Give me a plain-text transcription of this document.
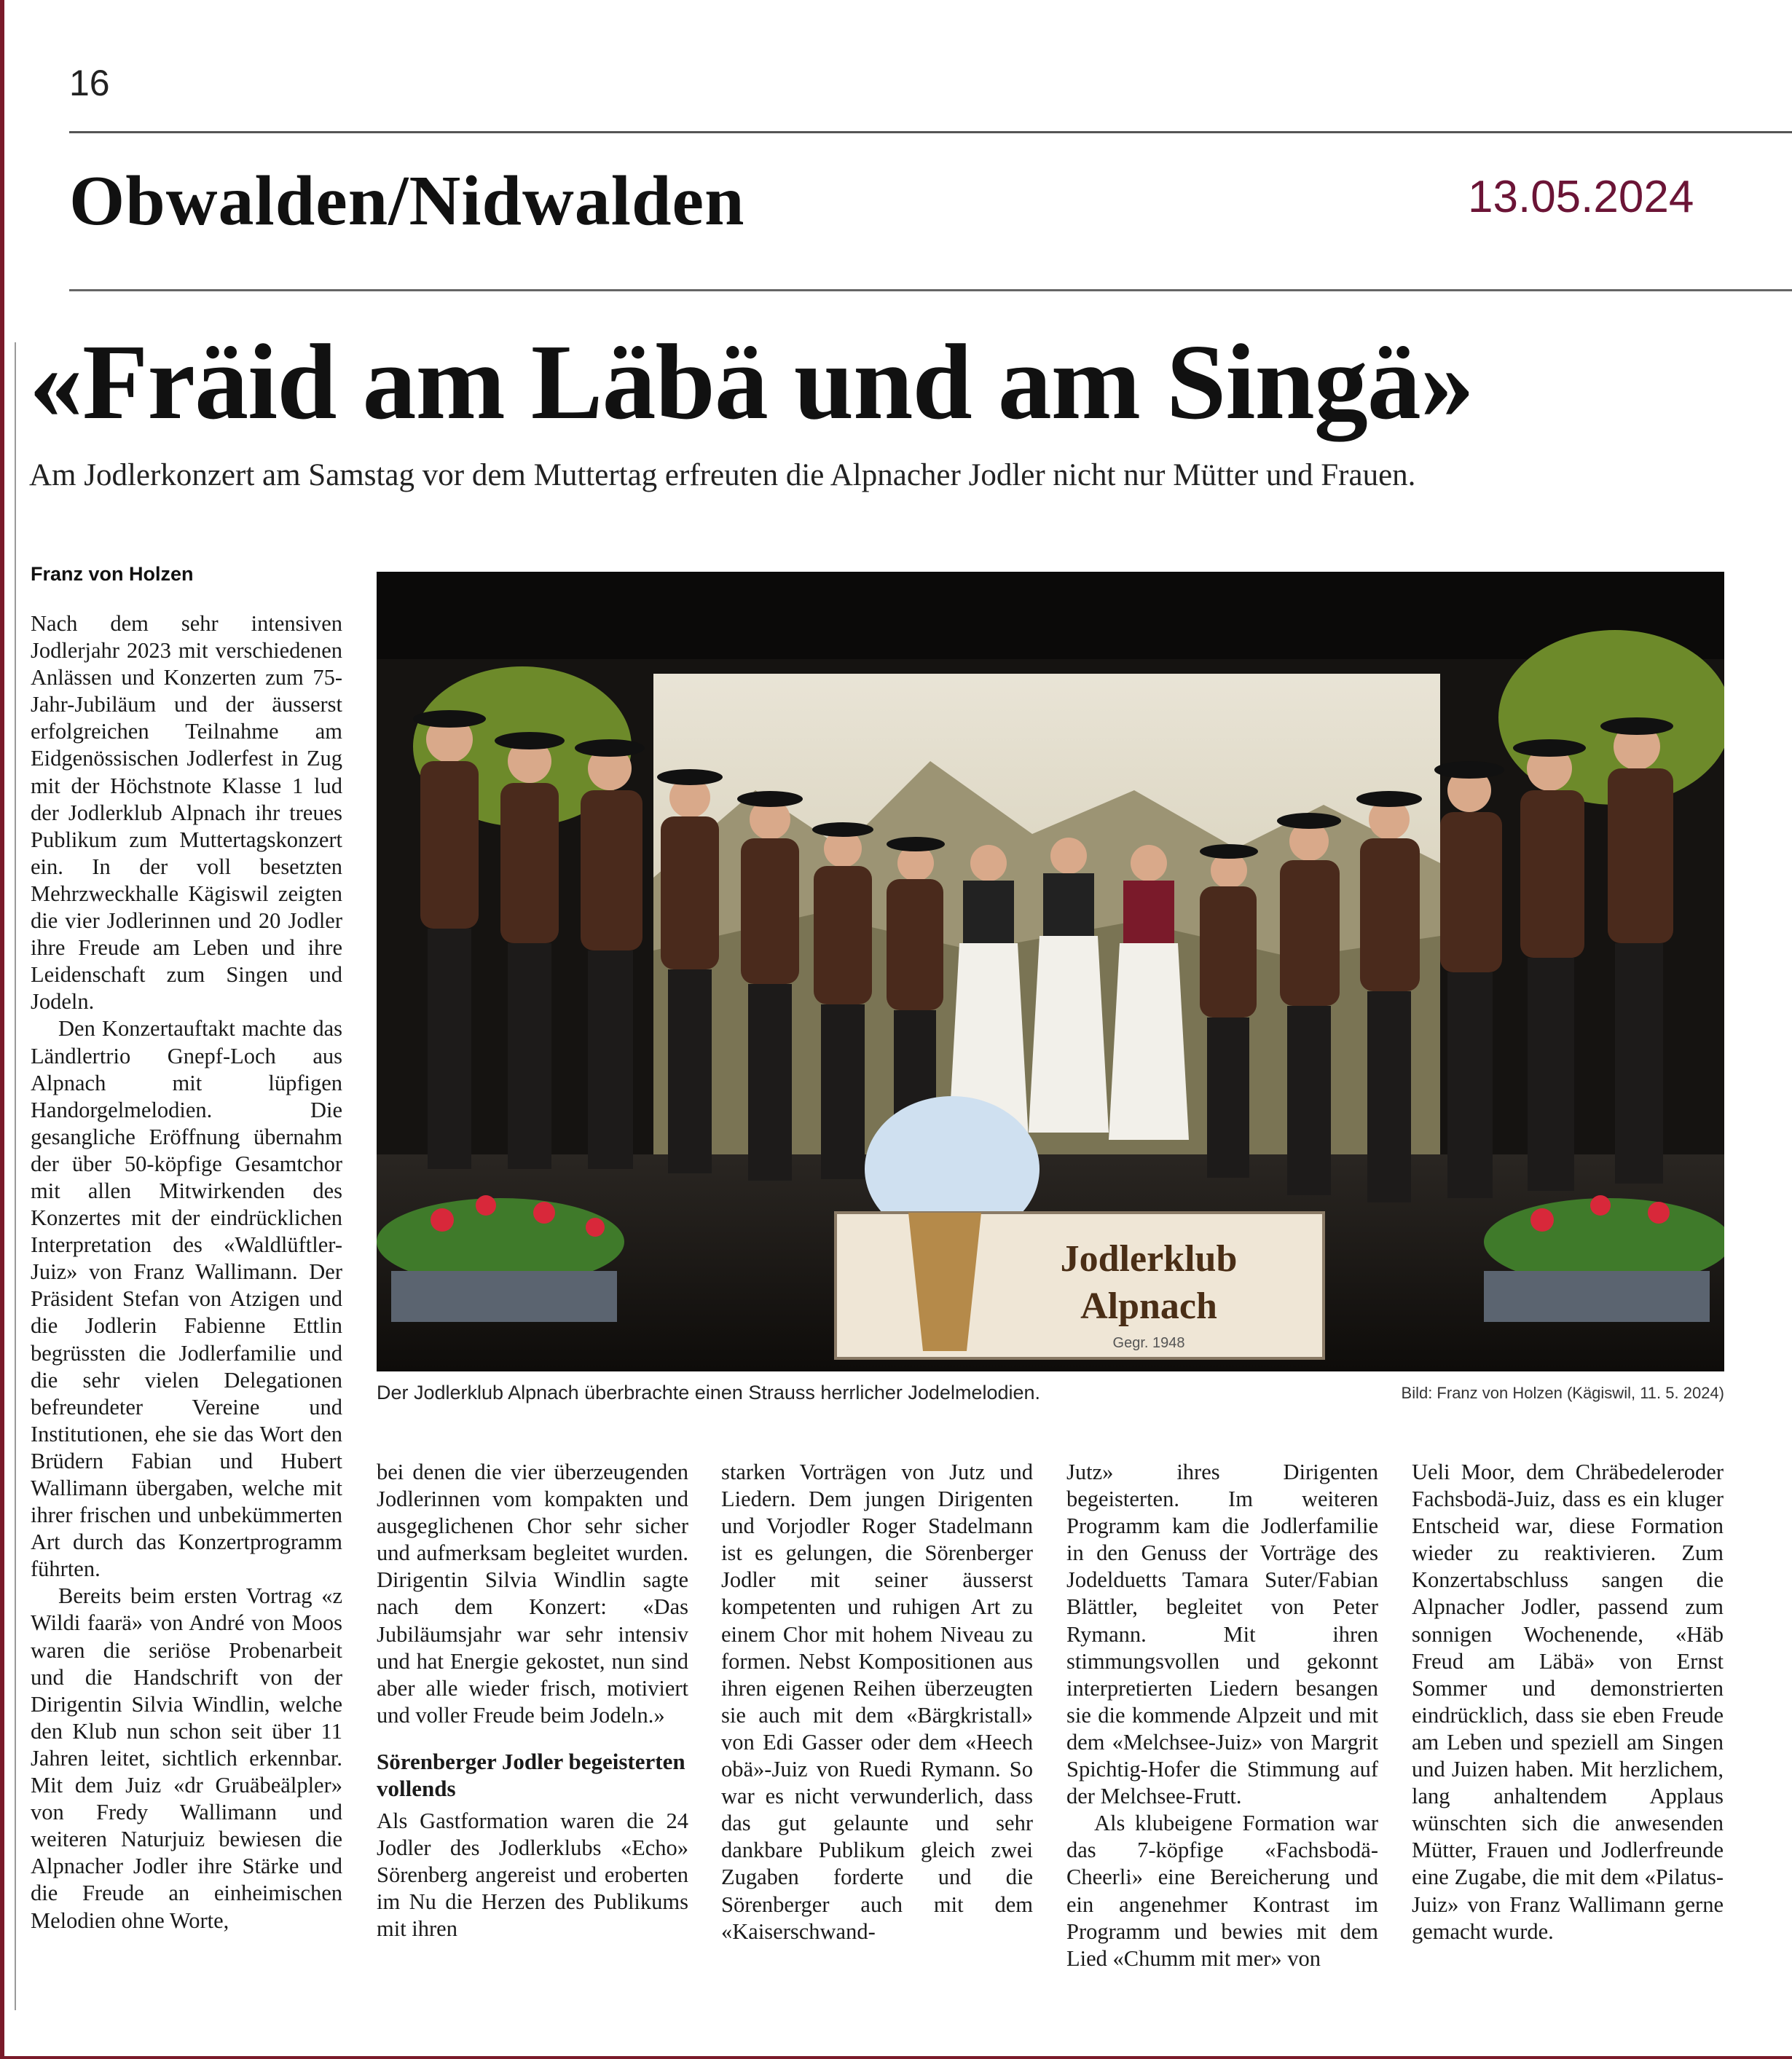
16
Obwalden/Nidwalden	13.05.2024
«Fräid am Läbä und am Singä»
Am Jodlerkonzert am Samstag vor dem Muttertag erfreuten die Alpnacher Jodler nicht nur Mütter und Frauen.
Franz von Holzen

Nach dem sehr intensiven Jodlerjahr 2023 mit verschiedenen Anlässen und Konzerten zum 75-Jahr-Jubiläum und der äusserst erfolgreichen Teilnahme am Eidgenössischen Jodlerfest in Zug mit der Höchstnote Klasse 1 lud der Jodlerklub Alpnach ihr treues Publikum zum Muttertagskonzert ein. In der voll besetzten Mehrzweckhalle Kägiswil zeigten die vier Jodlerinnen und 20 Jodler ihre Freude am Leben und ihre Leidenschaft zum Singen und Jodeln.

Den Konzertauftakt machte das Ländlertrio Gnepf-Loch aus Alpnach mit lüpfigen Handorgelmelodien. Die gesangliche Eröffnung übernahm der über 50-köpfige Gesamtchor mit allen Mitwirkenden des Konzertes mit der eindrücklichen Interpretation des «Waldlüftler-Juiz» von Franz Wallimann. Der Präsident Stefan von Atzigen und die Jodlerin Fabienne Ettlin begrüssten die Jodlerfamilie und die sehr vielen Delegationen befreundeter Vereine und Institutionen, ehe sie das Wort den Brüdern Fabian und Hubert Wallimann übergaben, welche mit ihrer frischen und unbekümmerten Art durch das Konzertprogramm führten.

Bereits beim ersten Vortrag «z Wildi faarä» von André von Moos waren die seriöse Probenarbeit und die Handschrift von der Dirigentin Silvia Windlin, welche den Klub nun schon seit über 11 Jahren leitet, sichtlich erkennbar. Mit dem Juiz «dr Gruäbeälpler» von Fredy Wallimann und weiteren Naturjuiz bewiesen die Alpnacher Jodler ihre Stärke und die Freude an einheimischen Melodien ohne Worte,

Jodlerklub
Alpnach
Gegr. 1948
Der Jodlerklub Alpnach überbrachte einen Strauss herrlicher Jodelmelodien.	Bild: Franz von Holzen (Kägiswil, 11. 5. 2024)

bei denen die vier überzeugenden Jodlerinnen vom kompakten und ausgeglichenen Chor sehr sicher und aufmerksam begleitet wurden. Dirigentin Silvia Windlin sagte nach dem Konzert: «Das Jubiläumsjahr war sehr intensiv und hat Energie gekostet, nun sind aber alle wieder frisch, motiviert und voller Freude beim Jodeln.»

Sörenberger Jodler begeisterten vollends

Als Gastformation waren die 24 Jodler des Jodlerklubs «Echo» Sörenberg angereist und eroberten im Nu die Herzen des Publikums mit ihren

starken Vorträgen von Jutz und Liedern. Dem jungen Dirigenten und Vorjodler Roger Stadelmann ist es gelungen, die Sörenberger Jodler mit seiner äusserst kompetenten und ruhigen Art zu einem Chor mit hohem Niveau zu formen. Nebst Kompositionen aus ihren eigenen Reihen überzeugten sie auch mit dem «Bärgkristall» von Edi Gasser oder dem «Heech obä»-Juiz von Ruedi Rymann. So war es nicht verwunderlich, dass das gut gelaunte und sehr dankbare Publikum gleich zwei Zugaben forderte und die Sörenberger auch mit dem «Kaiserschwand-

Jutz» ihres Dirigenten begeisterten. Im weiteren Programm kam die Jodlerfamilie in den Genuss der Vorträge des Jodelduetts Tamara Suter/Fabian Blättler, begleitet von Peter Rymann. Mit ihren stimmungsvollen und gekonnt interpretierten Liedern besangen sie die kommende Alpzeit und mit dem «Melchsee-Juiz» von Margrit Spichtig-Hofer die Stimmung auf der Melchsee-Frutt.

Als klubeigene Formation war das 7-köpfige «Fachsbodä-Cheerli» eine Bereicherung und ein angenehmer Kontrast im Programm und bewies mit dem Lied «Chumm mit mer» von

Ueli Moor, dem Chräbedeleroder Fachsbodä-Juiz, dass es ein kluger Entscheid war, diese Formation wieder zu reaktivieren. Zum Konzertabschluss sangen die Alpnacher Jodler, passend zum sonnigen Wochenende, «Häb Freud am Läbä» von Ernst Sommer und demonstrierten eindrücklich, dass sie eben Freude am Leben und speziell am Singen und Juizen haben. Mit herzlichem, lang anhaltendem Applaus wünschten sich die anwesenden Mütter, Frauen und Jodlerfreunde eine Zugabe, die mit dem «Pilatus-Juiz» von Franz Wallimann gerne gemacht wurde.
